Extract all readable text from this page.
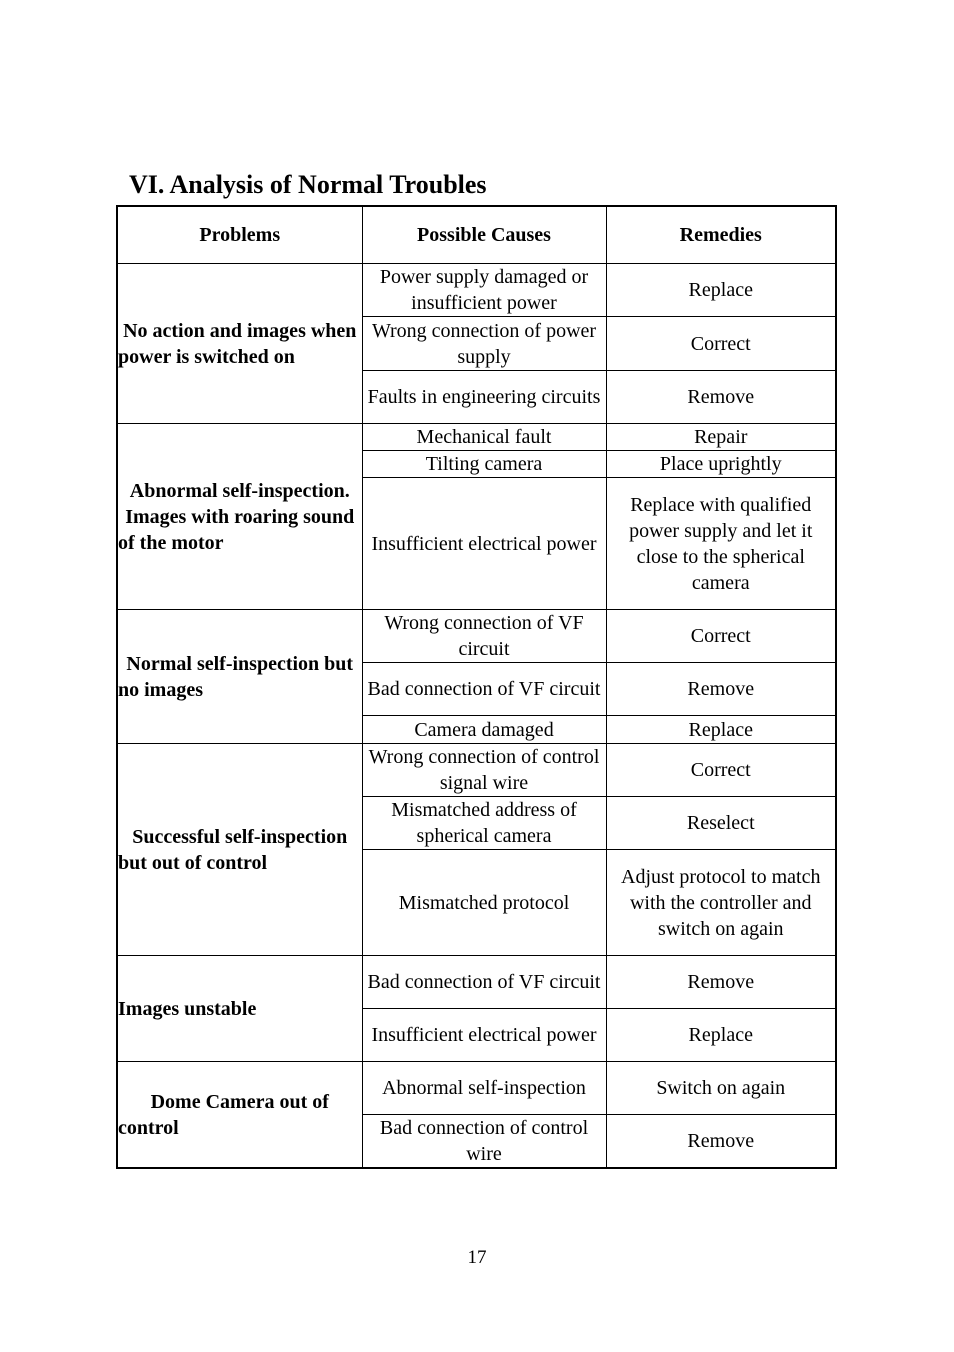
VI. Analysis of Normal Troubles
Problems	Possible Causes	Remedies
No action and images when power is switched on	Power supply damaged or insufficient power	Replace
	Wrong connection of power supply	Correct
	Faults in engineering circuits	Remove
Abnormal self-inspection. Images with roaring sound of the motor	Mechanical fault	Repair
	Tilting camera	Place uprightly
	Insufficient electrical power	Replace with qualified power supply and let it close to the spherical camera
Normal self-inspection but no images	Wrong connection of VF circuit	Correct
	Bad connection of VF circuit	Remove
	Camera damaged	Replace
Successful self-inspection but out of control	Wrong connection of control signal wire	Correct
	Mismatched address of spherical camera	Reselect
	Mismatched protocol	Adjust protocol to match with the controller and switch on again
Images unstable	Bad connection of VF circuit	Remove
	Insufficient electrical power	Replace
Dome Camera out of control	Abnormal self-inspection	Switch on again
	Bad connection of control wire	Remove
17
